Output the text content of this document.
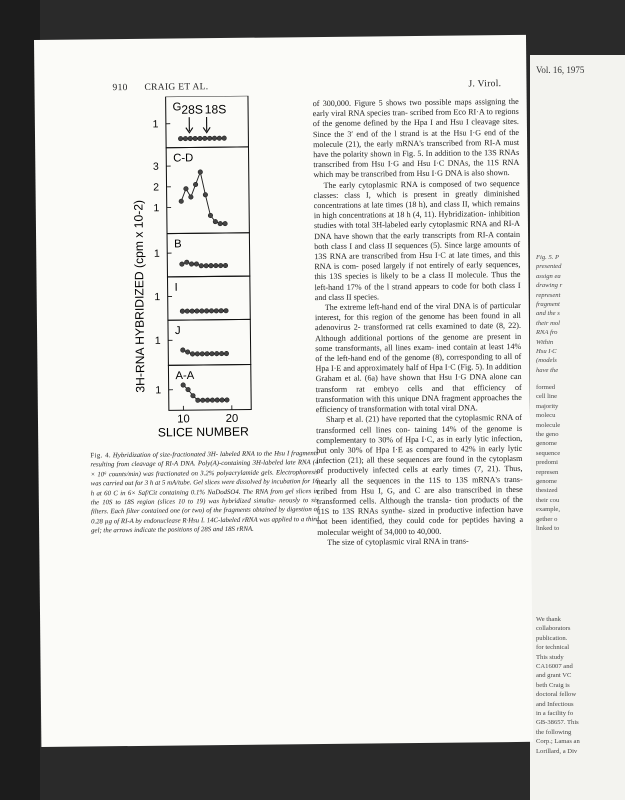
Vol. 16, 1975
Fig. 5. P
presented
assign ea
drawing r
represent
fragment
and the s
their mol
RNA fro
Within
Hsu I·C
(models
have the
formed
cell line
majority
molecu
molecule
the geno
genome
sequence
predomi
represen
genome
thesized
their cou
example,
gether o
linked to
We thank
collaborators
publication.
for technical
This study
CA16007 and
and grant VC
beth Craig is
doctoral fellow
and Infectious
in a facility fo
GB-38657. This
the following
Corp.; Lamas an
Lorillard, a Div
910 CRAIG ET AL.	J. Virol.
28S 18S
3H-RNA HYBRIDIZED (cpm x 10-2)
G
1
C-D
3
2
1
B
1
I
1
J
1
A-A
1
10	20
SLICE NUMBER
Fig. 4. Hybridization of size-fractionated 3H- labeled RNA to the Hsu I fragments resulting from cleavage of RI-A DNA. Poly(A)-containing 3H-labeled late RNA (4 × 10⁶ counts/min) was fractionated on 3.2% polyacrylamide gels. Electrophoresis was carried out for 3 h at 5 mA/tube. Gel slices were dissolved by incubation for 16 h at 60 C in 6× Saf/Cit containing 0.1% NaDodSO4. The RNA from gel slices in the 10S to 18S region (slices 10 to 19) was hybridized simulta- neously to six filters. Each filter contained one (or two) of the fragments obtained by digestion of 0.28 µg of RI-A by endonuclease R·Hsu I. 14C-labeled rRNA was applied to a third gel; the arrows indicate the positions of 28S and 18S rRNA.

of 300,000. Figure 5 shows two possible maps assigning the early viral RNA species tran- scribed from Eco RI·A to regions of the genome defined by the Hpa I and Hsu I cleavage sites. Since the 3′ end of the l strand is at the Hsu I·G end of the molecule (21), the early mRNA's transcribed from RI-A must have the polarity shown in Fig. 5. In addition to the 13S RNAs transcribed from Hsu I·G and Hsu I·C DNAs, the 11S RNA which may be transcribed from Hsu I·G DNA is also shown.

The early cytoplasmic RNA is composed of two sequence classes: class I, which is present in greatly diminished concentrations at late times (18 h), and class II, which remains in high concentrations at 18 h (4, 11). Hybridization- inhibition studies with total 3H-labeled early cytoplasmic RNA and RI-A DNA have shown that the early transcripts from RI-A contain both class I and class II sequences (5). Since large amounts of 13S RNA are transcribed from Hsu I·C at late times, and this RNA is com- posed largely if not entirely of early sequences, this 13S species is likely to be a class II molecule. Thus the left-hand 17% of the l strand appears to code for both class I and class II species.

The extreme left-hand end of the viral DNA is of particular interest, for this region of the genome has been found in all adenovirus 2- transformed rat cells examined to date (8, 22). Although additional portions of the genome are present in some transformants, all lines exam- ined contain at least 14% of the left-hand end of the genome (8), corresponding to all of Hpa I·E and approximately half of Hpa I·C (Fig. 5). In addition Graham et al. (6a) have shown that Hsu I·G DNA alone can transform rat embryo cells and that efficiency of transformation with this unique DNA fragment approaches the efficiency of transformation with total viral DNA.

Sharp et al. (21) have reported that the cytoplasmic RNA of transformed cell lines con- taining 14% of the genome is complementary to 30% of Hpa I·C, as in early lytic infection, but only 30% of Hpa I·E as compared to 42% in early lytic infection (21); all these sequences are found in the cytoplasm of productively infected cells at early times (7, 21). Thus, nearly all the sequences in the 11S to 13S mRNA's trans- cribed from Hsu I, G, and C are also transcribed in these transformed cells. Although the transla- tion products of the 11S to 13S RNAs synthe- sized in productive infection have not been identified, they could code for peptides having a molecular weight of 34,000 to 40,000.

The size of cytoplasmic viral RNA in trans-
